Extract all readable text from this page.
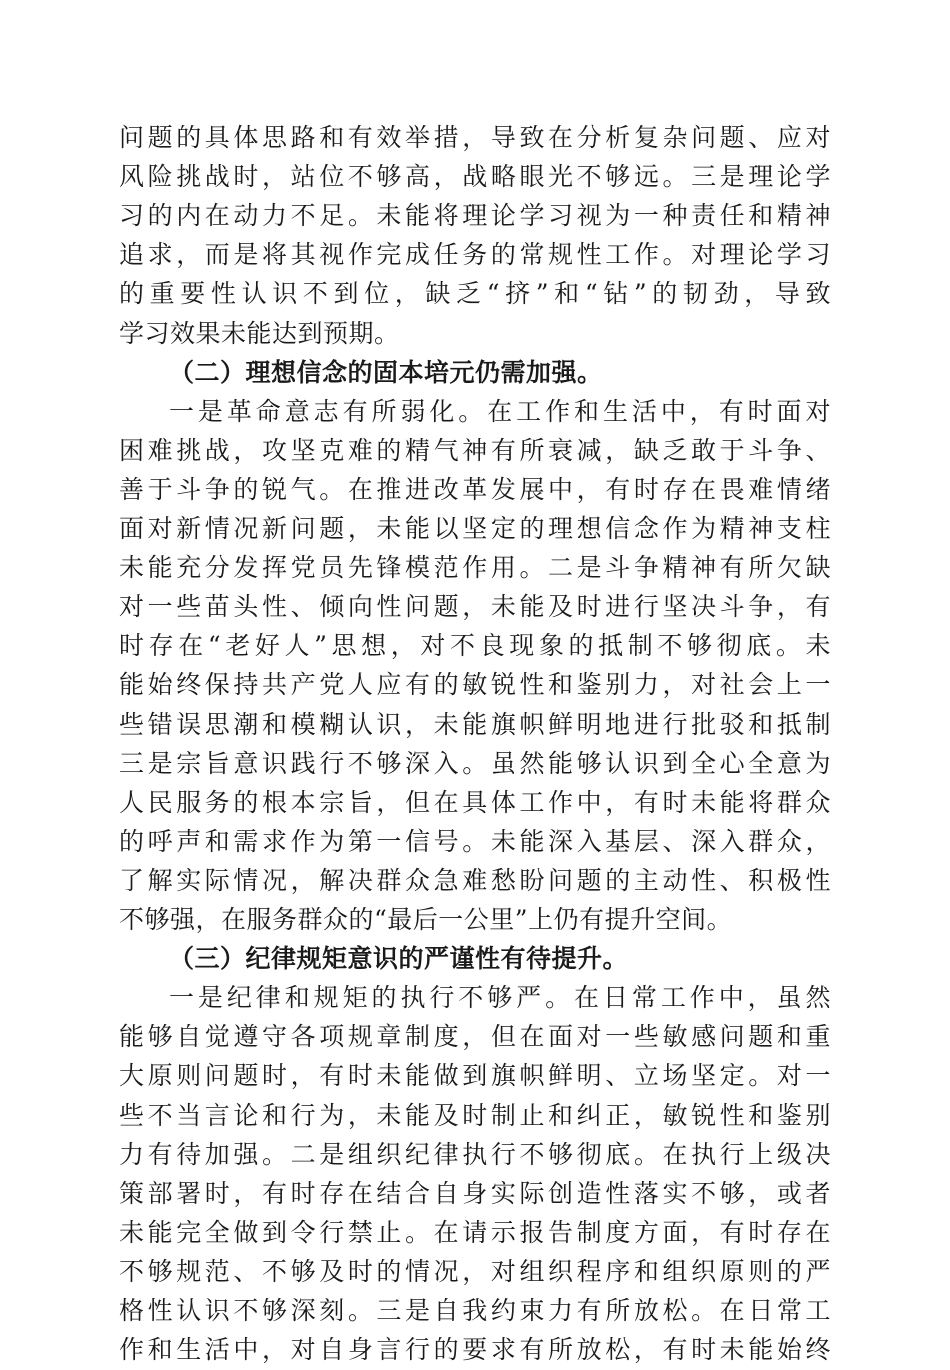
问题的具体思路和有效举措，导致在分析复杂问题、应对
风险挑战时，站位不够高，战略眼光不够远。三是理论学
习的内在动力不足。未能将理论学习视为一种责任和精神
追求，而是将其视作完成任务的常规性工作。对理论学习
的重要性认识不到位，缺乏“挤”和“钻”的韧劲，导致
学习效果未能达到预期。
（二）理想信念的固本培元仍需加强。
一是革命意志有所弱化。在工作和生活中，有时面对
困难挑战，攻坚克难的精气神有所衰减，缺乏敢于斗争、
善于斗争的锐气。在推进改革发展中，有时存在畏难情绪
面对新情况新问题，未能以坚定的理想信念作为精神支柱
未能充分发挥党员先锋模范作用。二是斗争精神有所欠缺
对一些苗头性、倾向性问题，未能及时进行坚决斗争，有
时存在“老好人”思想，对不良现象的抵制不够彻底。未
能始终保持共产党人应有的敏锐性和鉴别力，对社会上一
些错误思潮和模糊认识，未能旗帜鲜明地进行批驳和抵制
三是宗旨意识践行不够深入。虽然能够认识到全心全意为
人民服务的根本宗旨，但在具体工作中，有时未能将群众
的呼声和需求作为第一信号。未能深入基层、深入群众，
了解实际情况，解决群众急难愁盼问题的主动性、积极性
不够强，在服务群众的“最后一公里”上仍有提升空间。
（三）纪律规矩意识的严谨性有待提升。
一是纪律和规矩的执行不够严。在日常工作中，虽然
能够自觉遵守各项规章制度，但在面对一些敏感问题和重
大原则问题时，有时未能做到旗帜鲜明、立场坚定。对一
些不当言论和行为，未能及时制止和纠正，敏锐性和鉴别
力有待加强。二是组织纪律执行不够彻底。在执行上级决
策部署时，有时存在结合自身实际创造性落实不够，或者
未能完全做到令行禁止。在请示报告制度方面，有时存在
不够规范、不够及时的情况，对组织程序和组织原则的严
格性认识不够深刻。三是自我约束力有所放松。在日常工
作和生活中，对自身言行的要求有所放松，有时未能始终
